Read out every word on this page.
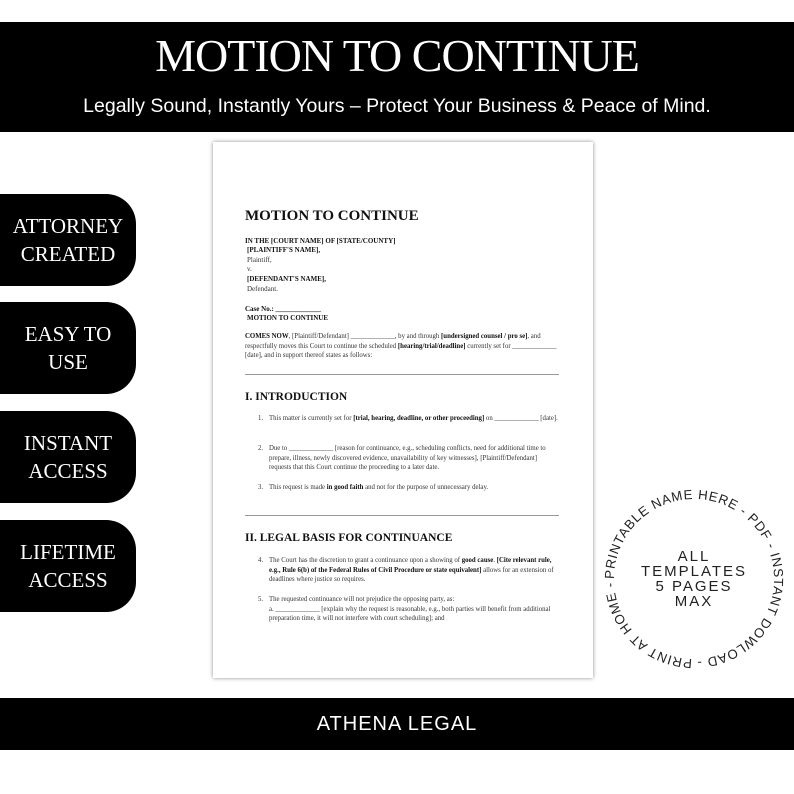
MOTION TO CONTINUE
Legally Sound, Instantly Yours – Protect Your Business & Peace of Mind.
ATTORNEY
CREATED
EASY TO
USE
INSTANT
ACCESS
LIFETIME
ACCESS
MOTION TO CONTINUE
IN THE [COURT NAME] OF [STATE/COUNTY]
[PLAINTIFF'S NAME],
Plaintiff,
v.
[DEFENDANT'S NAME],
Defendant.
Case No.: _____________
MOTION TO CONTINUE
COMES NOW, [Plaintiff/Defendant] _____________, by and through [undersigned counsel / pro se], and respectfully moves this Court to continue the scheduled [hearing/trial/deadline] currently set for _____________ [date], and in support thereof states as follows:
I. INTRODUCTION
1. This matter is currently set for [trial, hearing, deadline, or other proceeding] on _____________ [date].
2. Due to _____________ [reason for continuance, e.g., scheduling conflicts, need for additional time to prepare, illness, newly discovered evidence, unavailability of key witnesses], [Plaintiff/Defendant] requests that this Court continue the proceeding to a later date.
3. This request is made in good faith and not for the purpose of unnecessary delay.
II. LEGAL BASIS FOR CONTINUANCE
4. The Court has the discretion to grant a continuance upon a showing of good cause. [Cite relevant rule, e.g., Rule 6(b) of the Federal Rules of Civil Procedure or state equivalent] allows for an extension of deadlines where justice so requires.
5. The requested continuance will not prejudice the opposing party, as:
a. _____________ [explain why the request is reasonable, e.g., both parties will benefit from additional preparation time, it will not interfere with court scheduling]; and
PRINTABLE NAME HERE - PDF - INSTANT DOWLOAD - PRINT AT HOME -
ALL
TEMPLATES
5 PAGES
MAX
ATHENA LEGAL
